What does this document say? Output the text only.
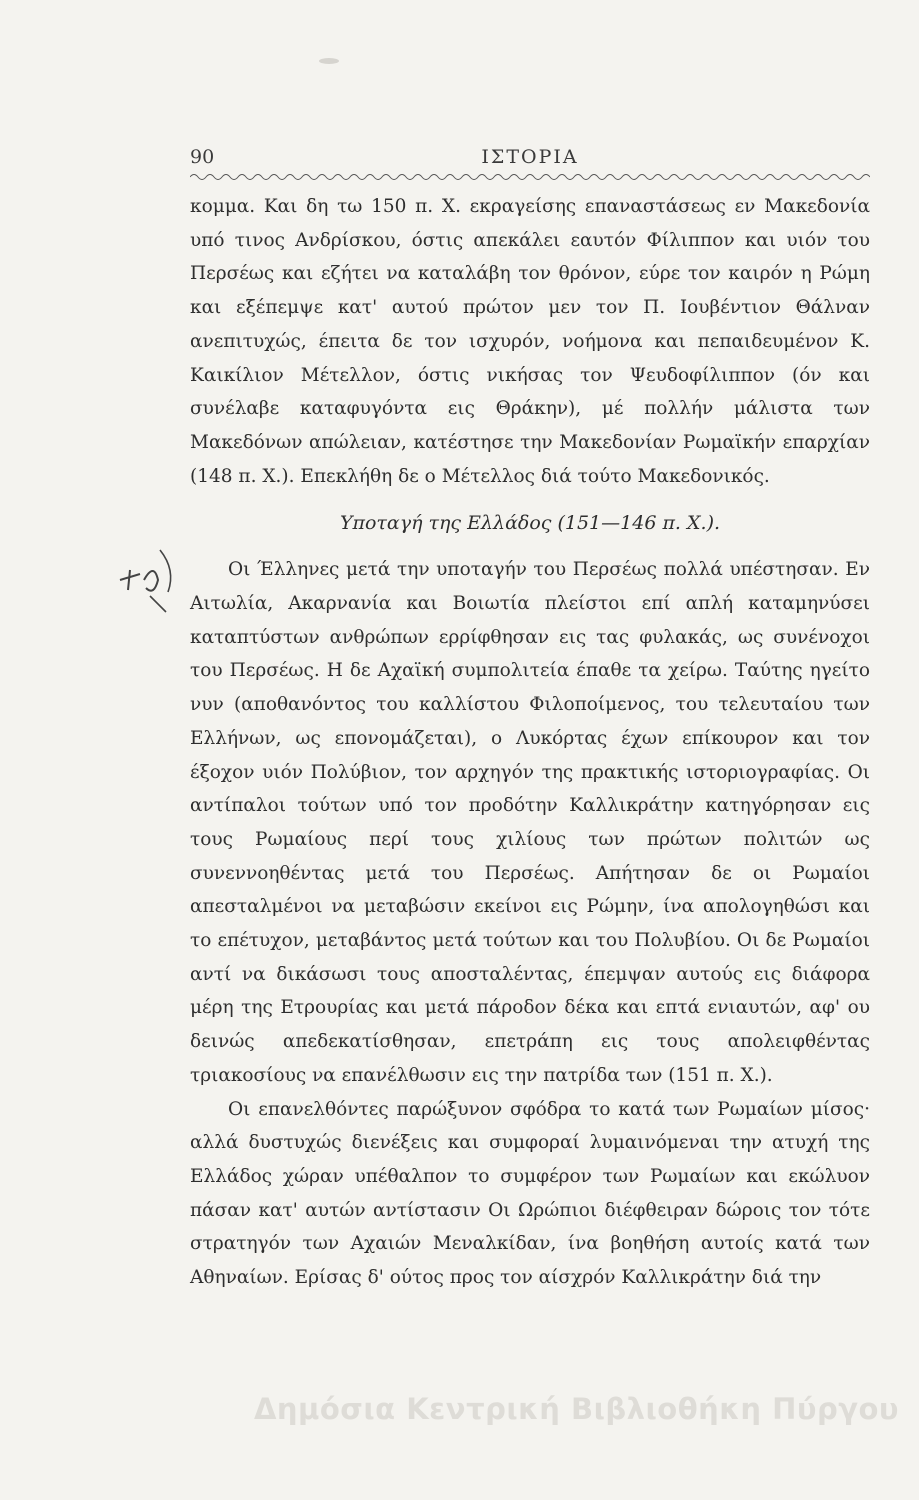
90	ΙΣΤΟΡΙΑ

κομμα. Και δη τω 150 π. Χ. εκραγείσης επαναστάσεως εν Μακεδονία υπό τινος Ανδρίσκου, όστις απεκάλει εαυτόν Φίλιππον και υιόν του Περσέως και εζήτει να καταλάβη τον θρόνον, εύρε τον καιρόν η Ρώμη και εξέπεμψε κατ' αυτού πρώτον μεν τον Π. Ιουβέντιον Θάλναν ανεπιτυχώς, έπειτα δε τον ισχυρόν, νοήμονα και πεπαιδευμένον Κ. Καικίλιον Μέτελλον, όστις νικήσας τον Ψευδοφίλιππον (όν και συνέλαβε καταφυγόντα εις Θράκην), μέ πολλήν μάλιστα των Μακεδόνων απώλειαν, κατέστησε την Μακεδονίαν Ρωμαϊκήν επαρχίαν (148 π. Χ.). Επεκλήθη δε ο Μέτελλος διά τούτο Μακεδονικός.

Υποταγή της Ελλάδος (151—146 π. Χ.).

Οι Έλληνες μετά την υποταγήν του Περσέως πολλά υπέστησαν. Εν Αιτωλία, Ακαρνανία και Βοιωτία πλείστοι επί απλή καταμηνύσει καταπτύστων ανθρώπων ερρίφθησαν εις τας φυλακάς, ως συνένοχοι του Περσέως. Η δε Αχαϊκή συμπολιτεία έπαθε τα χείρω. Ταύτης ηγείτο νυν (αποθανόντος του καλλίστου Φιλοποίμενος, του τελευταίου των Ελλήνων, ως επονομάζεται), ο Λυκόρτας έχων επίκουρον και τον έξοχον υιόν Πολύβιον, τον αρχηγόν της πρακτικής ιστοριογραφίας. Οι αντίπαλοι τούτων υπό τον προδότην Καλλικράτην κατηγόρησαν εις τους Ρωμαίους περί τους χιλίους των πρώτων πολιτών ως συνεννοηθέντας μετά του Περσέως. Απήτησαν δε οι Ρωμαίοι απεσταλμένοι να μεταβώσιν εκείνοι εις Ρώμην, ίνα απολογηθώσι και το επέτυχον, μεταβάντος μετά τούτων και του Πολυβίου. Οι δε Ρωμαίοι αντί να δικάσωσι τους αποσταλέντας, έπεμψαν αυτούς εις διάφορα μέρη της Ετρουρίας και μετά πάροδον δέκα και επτά ενιαυτών, αφ' ου δεινώς απεδεκατίσθησαν, επετράπη εις τους απολειφθέντας τριακοσίους να επανέλθωσιν εις την πατρίδα των (151 π. Χ.).

Οι επανελθόντες παρώξυνον σφόδρα το κατά των Ρωμαίων μίσος· αλλά δυστυχώς διενέξεις και συμφοραί λυμαινόμεναι την ατυχή της Ελλάδος χώραν υπέθαλπον το συμφέρον των Ρωμαίων και εκώλυον πάσαν κατ' αυτών αντίστασιν Οι Ωρώπιοι διέφθειραν δώροις τον τότε στρατηγόν των Αχαιών Μεναλκίδαν, ίνα βοηθήση αυτοίς κατά των Αθηναίων. Ερίσας δ' ούτος προς τον αίσχρόν Καλλικράτην διά την

Δημόσια Κεντρική Βιβλιοθήκη Πύργου
